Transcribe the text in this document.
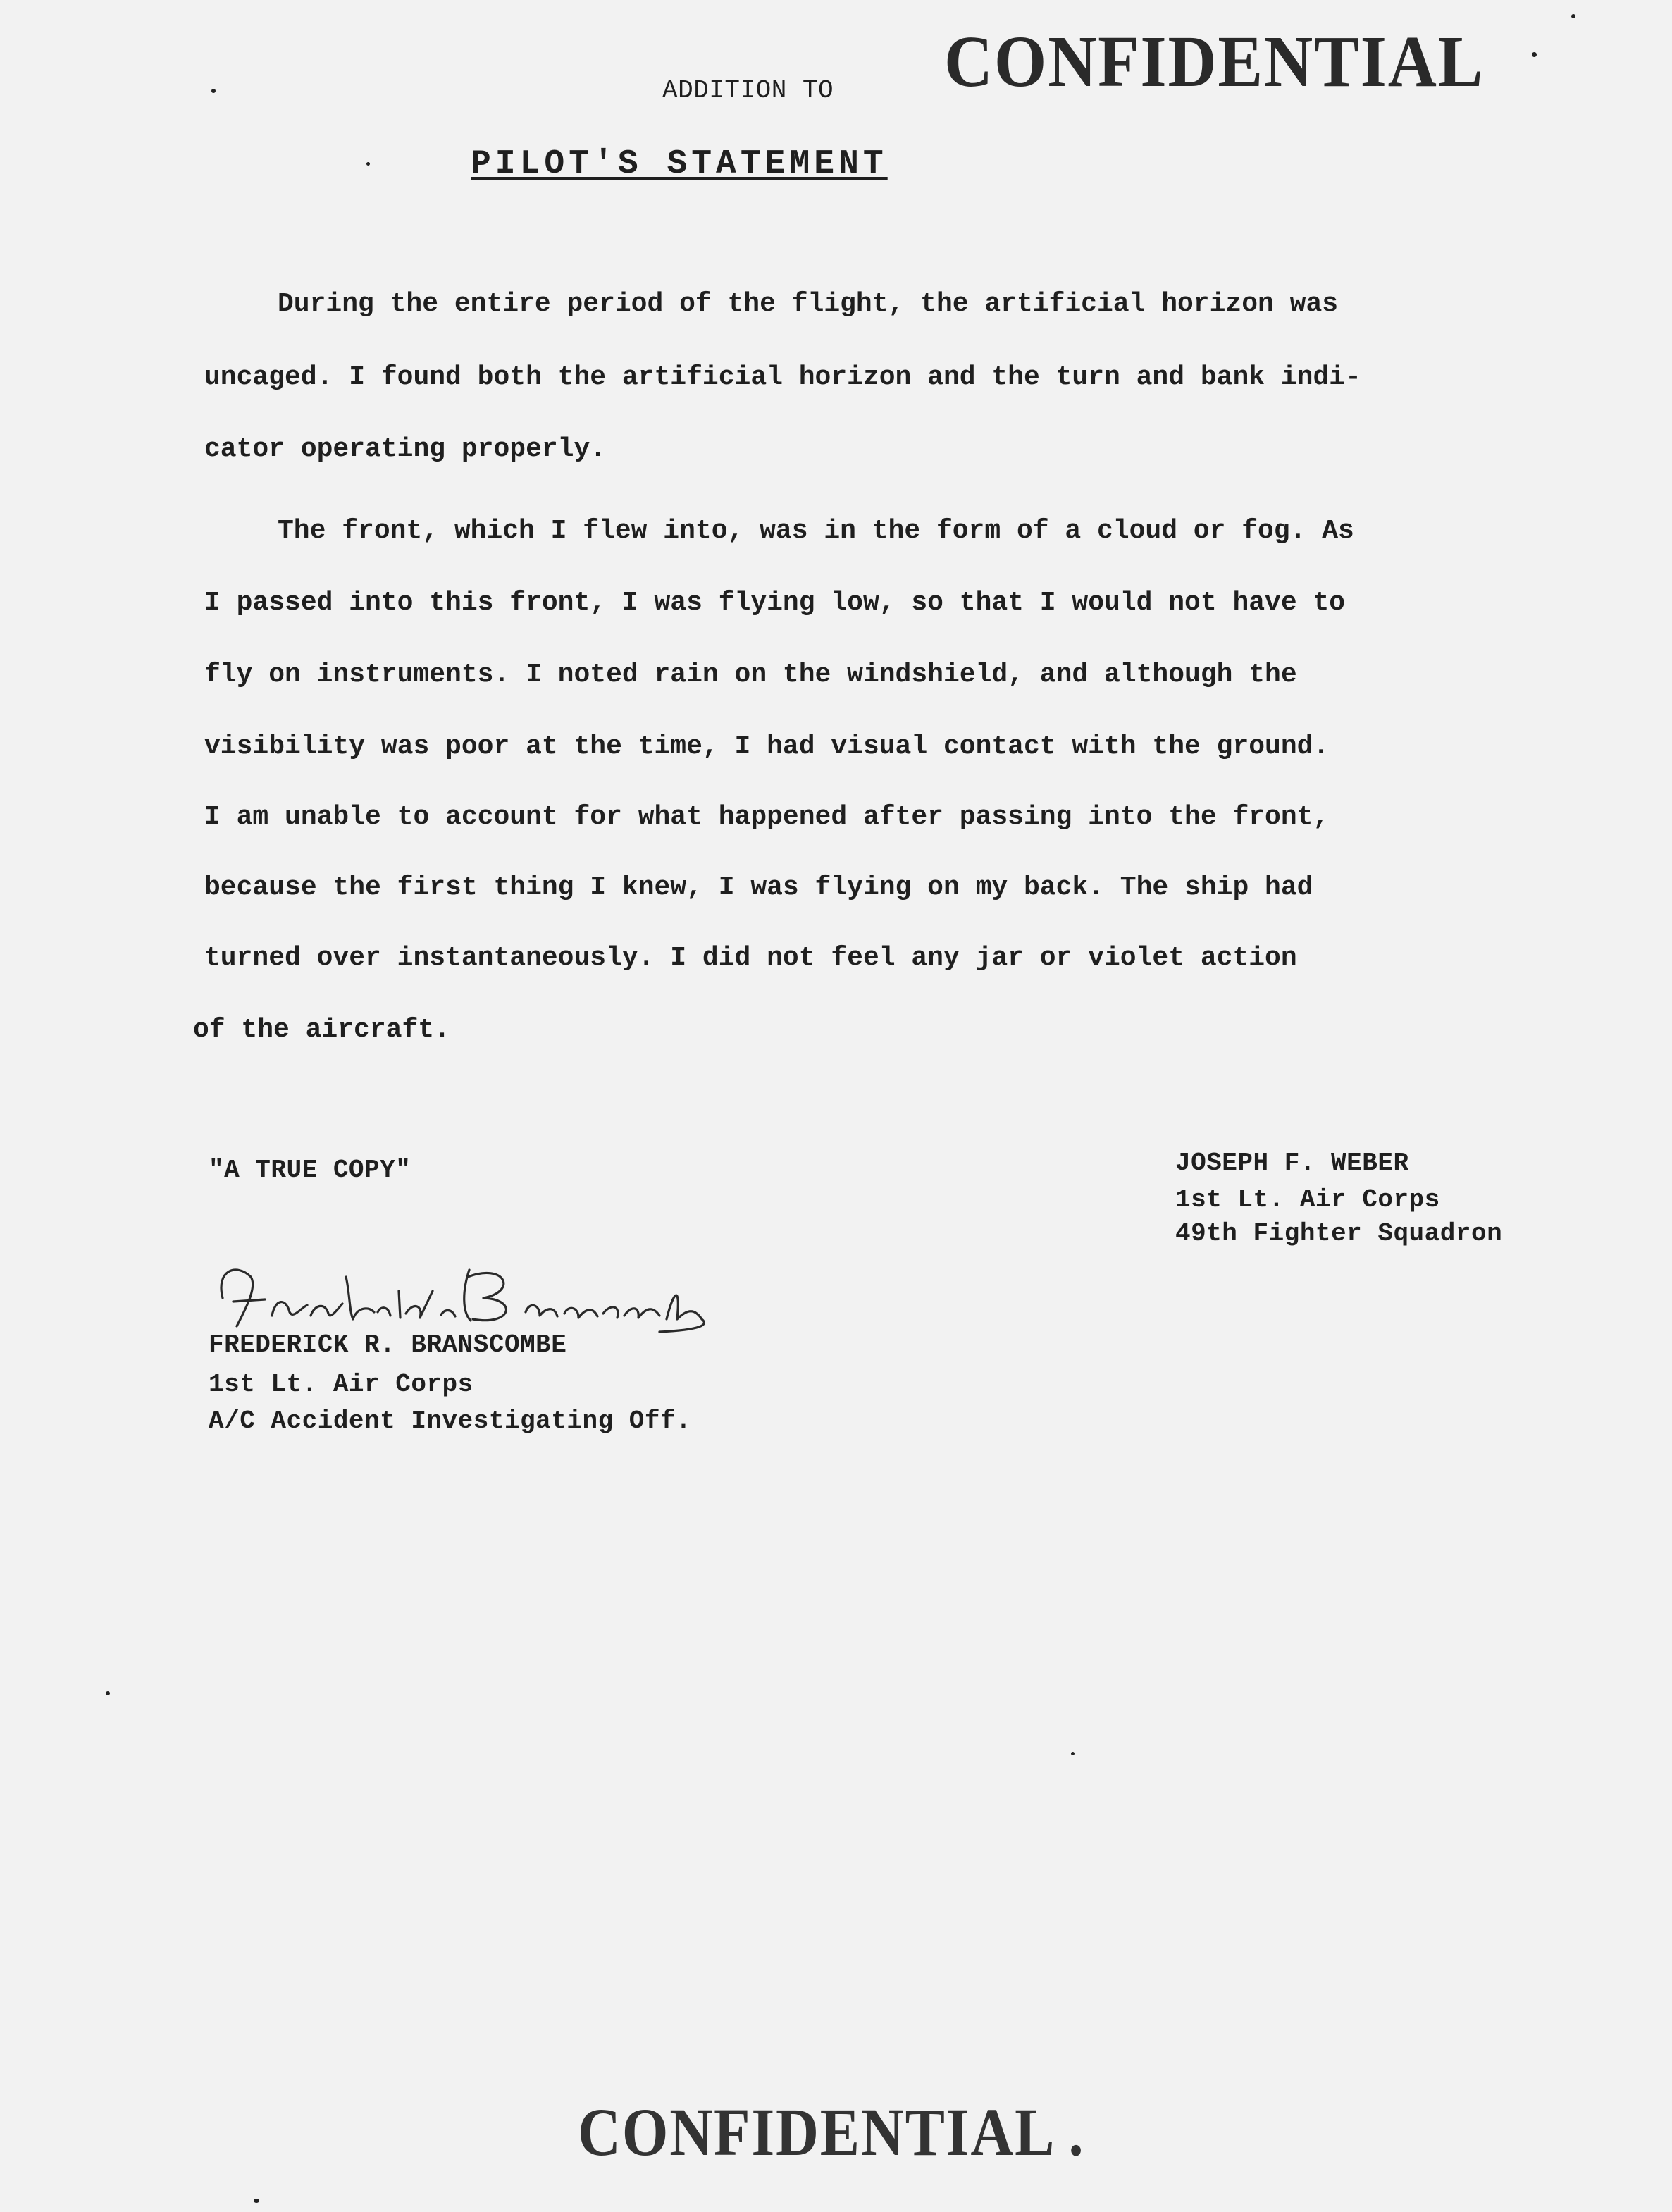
ADDITION TO CONFIDENTIAL
PILOT'S STATEMENT
During the entire period of the flight, the artificial horizon was
uncaged. I found both the artificial horizon and the turn and bank indi-
cator operating properly.
The front, which I flew into, was in the form of a cloud or fog. As
I passed into this front, I was flying low, so that I would not have to
fly on instruments. I noted rain on the windshield, and although the
visibility was poor at the time, I had visual contact with the ground.
I am unable to account for what happened after passing into the front,
because the first thing I knew, I was flying on my back. The ship had
turned over instantaneously. I did not feel any jar or violet action
of the aircraft.
"A TRUE COPY"	JOSEPH F. WEBER
1st Lt. Air Corps
49th Fighter Squadron
FREDERICK R. BRANSCOMBE
1st Lt. Air Corps
A/C Accident Investigating Off.
CONFIDENTIAL .
